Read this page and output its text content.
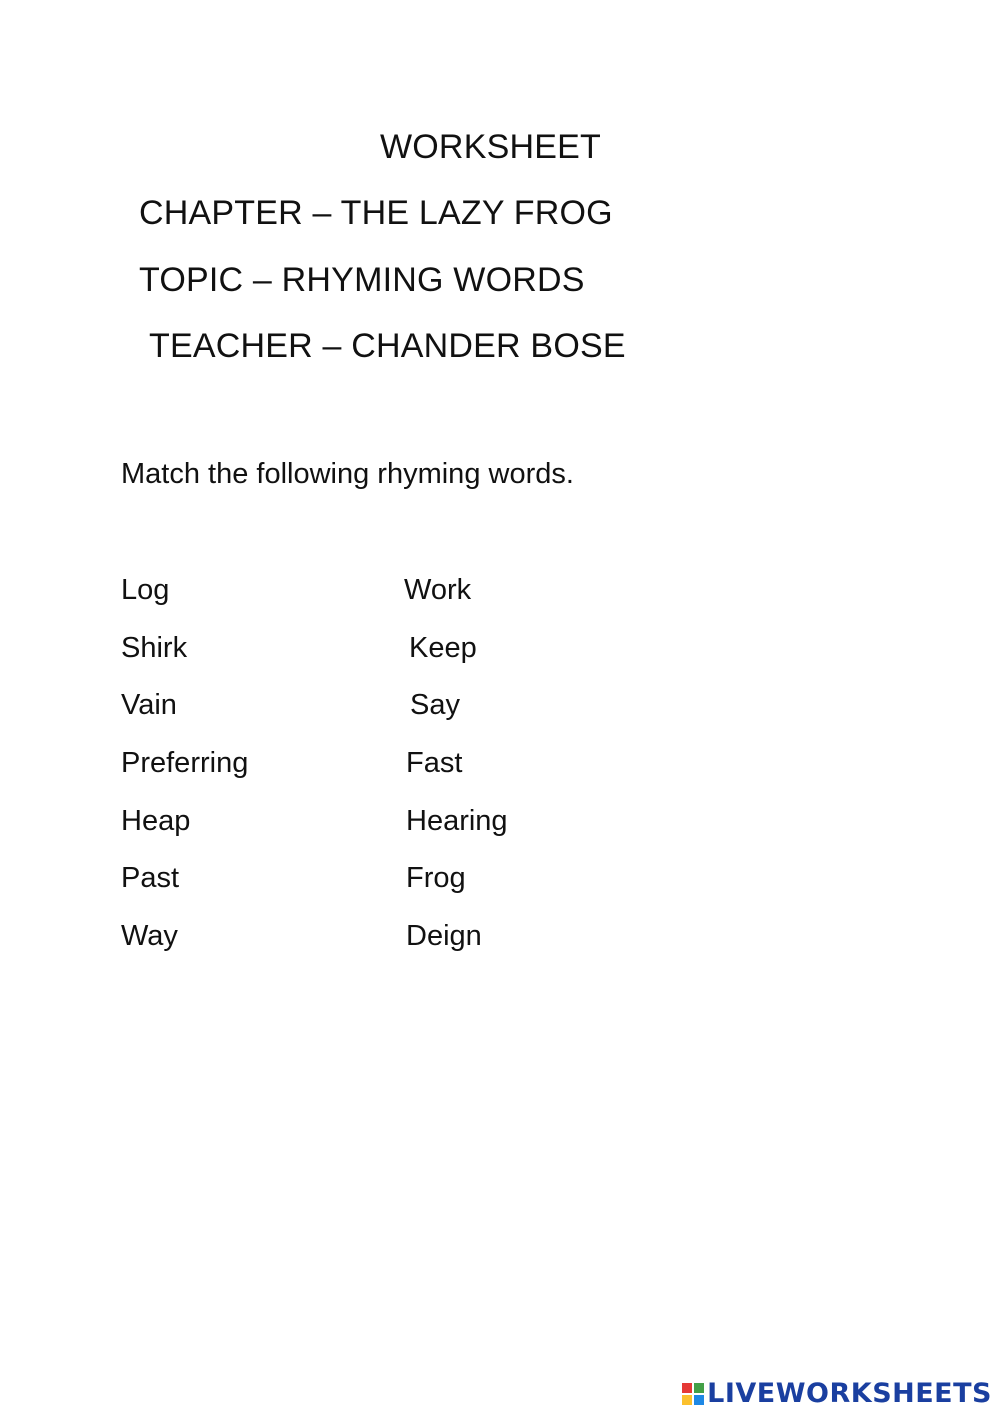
WORKSHEET
CHAPTER – THE LAZY FROG
TOPIC – RHYMING WORDS
TEACHER – CHANDER BOSE
Match the following rhyming words.
Log
Shirk
Vain
Preferring
Heap
Past
Way
Work
Keep
Say
Fast
Hearing
Frog
Deign
LIVEWORKSHEETS
